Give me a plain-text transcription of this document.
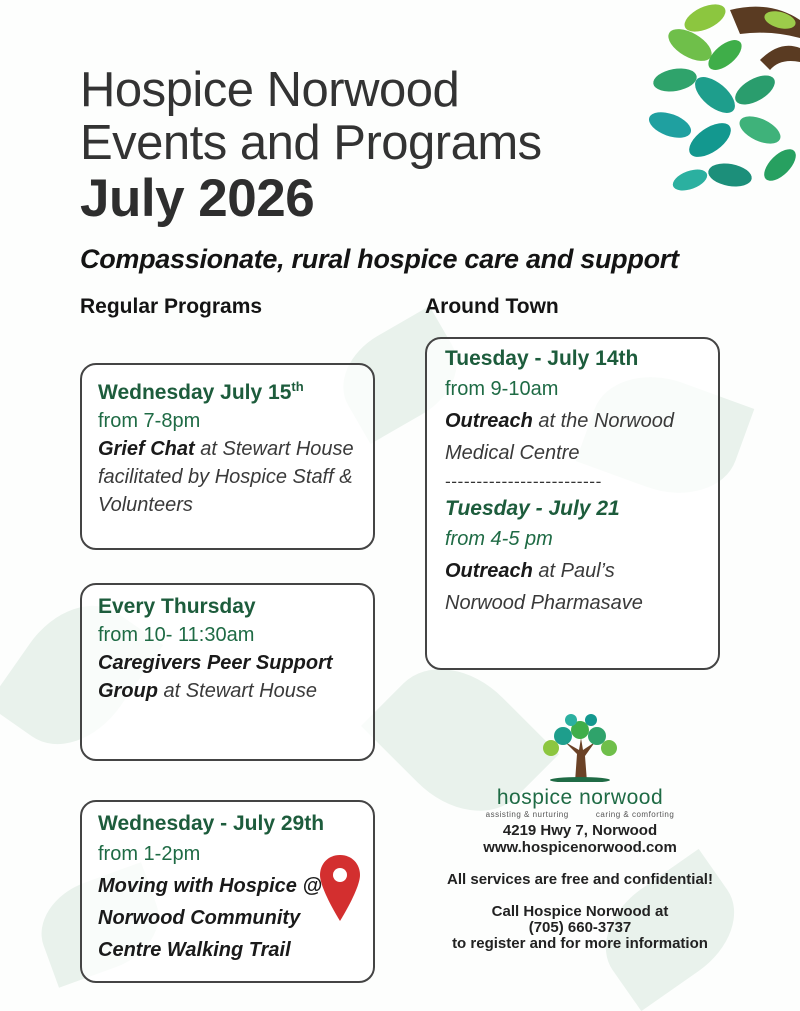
Hospice Norwood
Events and Programs
July 2026
Compassionate, rural hospice care and support
Regular Programs	Around Town
Wednesday July 15th
from 7-8pm
Grief Chat at Stewart House facilitated by Hospice Staff & Volunteers
Every Thursday
from 10- 11:30am
Caregivers Peer Support Group at Stewart House
Wednesday - July 29th
from 1-2pm
Moving with Hospice @ Norwood Community Centre Walking Trail
Tuesday - July 14th
from 9-10am
Outreach at the Norwood Medical Centre
-------------------------
Tuesday - July 21
from 4-5 pm
Outreach at Paul’s Norwood Pharmasave
hospice norwood
assisting & nurturing	caring & comforting
4219 Hwy 7, Norwood
www.hospicenorwood.com
All services are free and confidential!
Call Hospice Norwood at
(705) 660-3737
to register and for more information
